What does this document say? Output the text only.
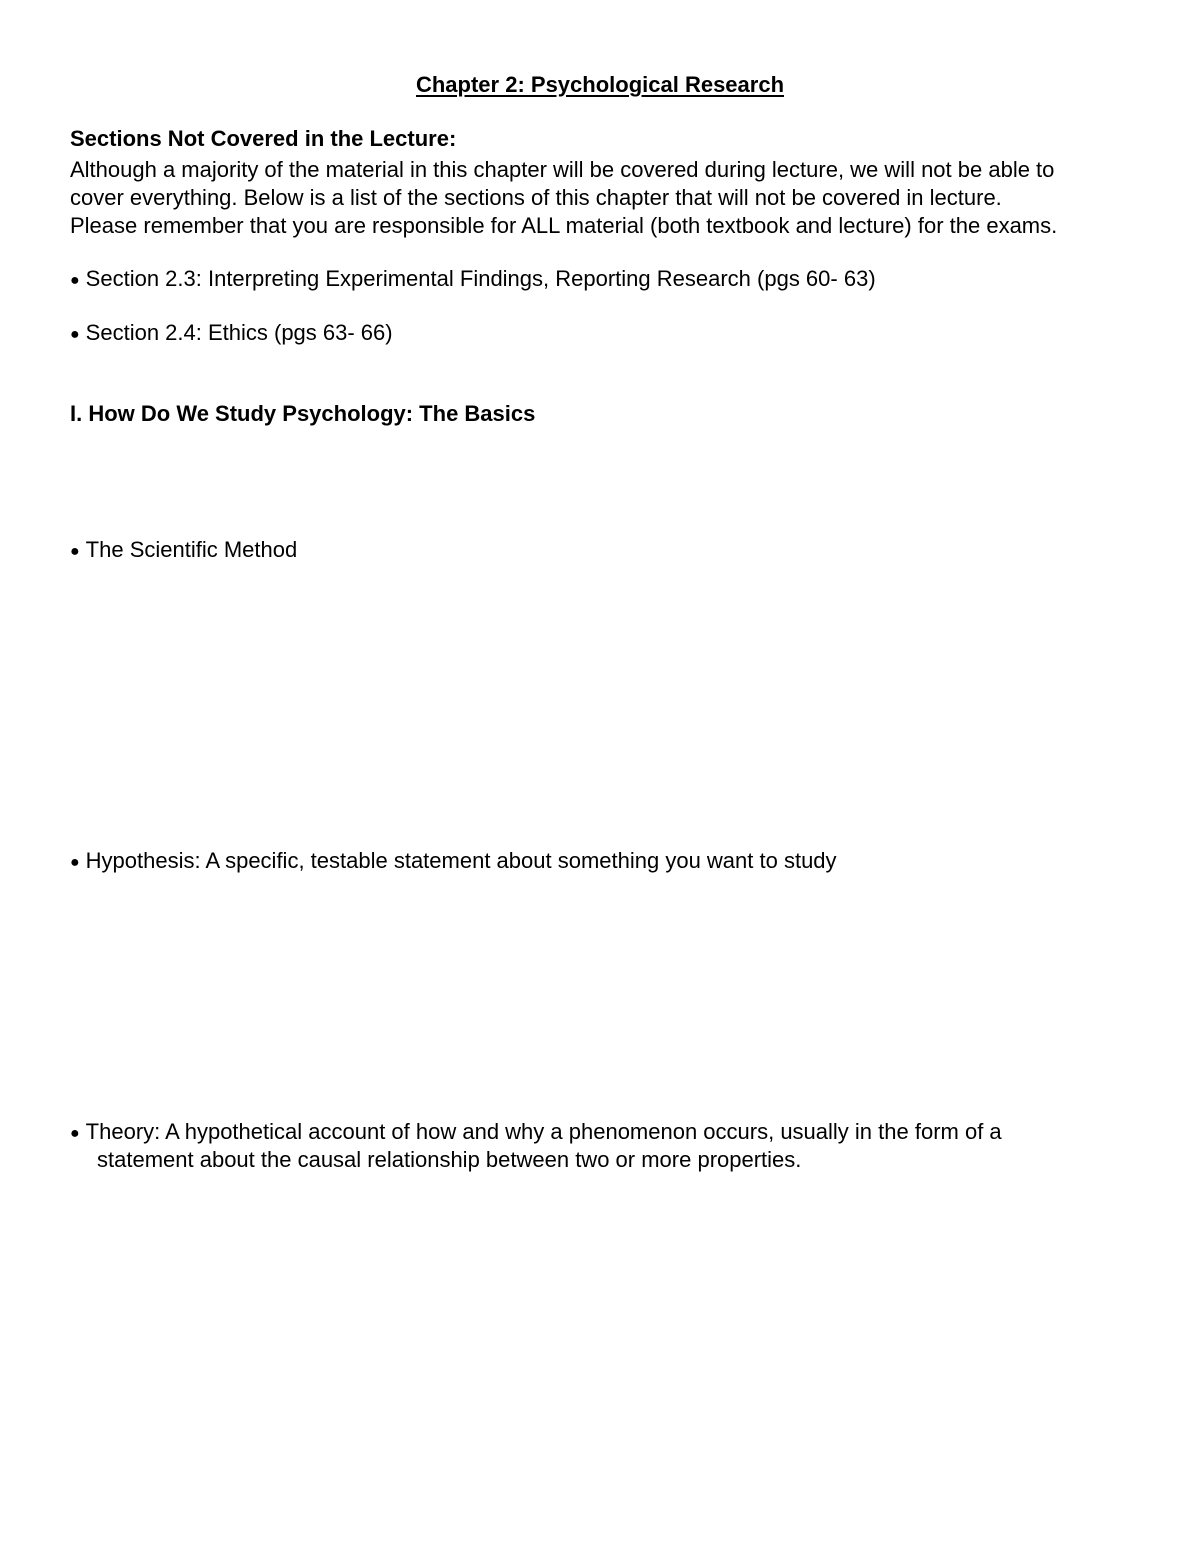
Chapter 2: Psychological Research
Sections Not Covered in the Lecture:
Although a majority of the material in this chapter will be covered during lecture, we will not be able to
cover everything. Below is a list of the sections of this chapter that will not be covered in lecture.
Please remember that you are responsible for ALL material (both textbook and lecture) for the exams.
● Section 2.3: Interpreting Experimental Findings, Reporting Research (pgs 60- 63)
● Section 2.4: Ethics (pgs 63- 66)
I. How Do We Study Psychology: The Basics
● The Scientific Method
● Hypothesis: A specific, testable statement about something you want to study
● Theory: A hypothetical account of how and why a phenomenon occurs, usually in the form of a
statement about the causal relationship between two or more properties.
